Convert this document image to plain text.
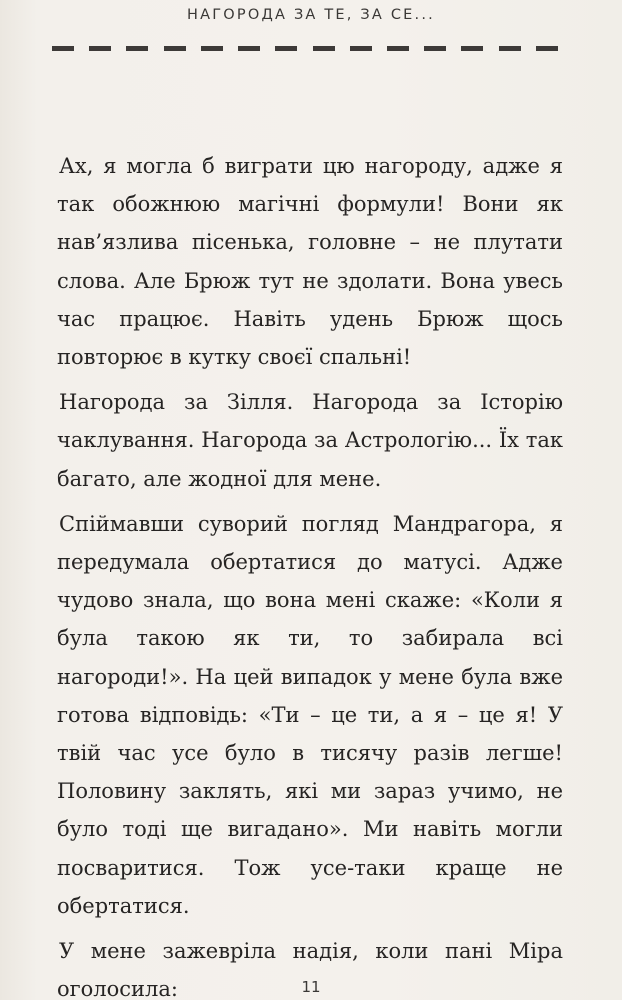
НАГОРОДА ЗА ТЕ, ЗА СЕ...

Ах, я могла б виграти цю нагороду, адже я так обожнюю магічні формули! Вони як нав’язлива пісенька, головне – не плутати слова. Але Брюж тут не здолати. Вона увесь час працює. Навіть удень Брюж щось повторює в кутку своєї спальні!

Нагорода за Зілля. Нагорода за Історію чаклування. Нагорода за Астрологію... Їх так багато, але жодної для мене.

Спіймавши суворий погляд Мандрагора, я передумала обертатися до матусі. Адже чудово знала, що вона мені скаже: «Коли я була такою як ти, то забирала всі нагороди!». На цей випадок у мене була вже готова відповідь: «Ти – це ти, а я – це я! У твій час усе було в тисячу разів легше! Половину заклять, які ми зараз учимо, не було тоді ще вигадано». Ми навіть могли посваритися. Тож усе-таки краще не обертатися.

У мене зажевріла надія, коли пані Міра оголосила:	11
